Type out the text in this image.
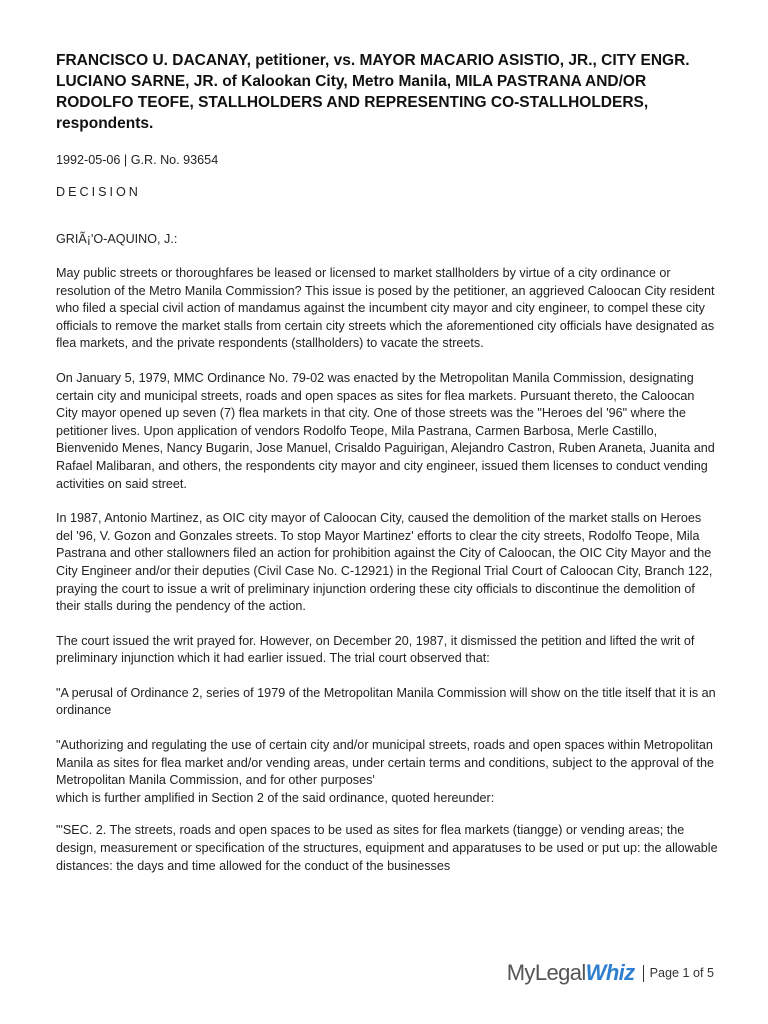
FRANCISCO U. DACANAY, petitioner, vs. MAYOR MACARIO ASISTIO, JR., CITY ENGR. LUCIANO SARNE, JR. of Kalookan City, Metro Manila, MILA PASTRANA AND/OR RODOLFO TEOFE, STALLHOLDERS AND REPRESENTING CO-STALLHOLDERS, respondents.
1992-05-06 | G.R. No. 93654
DECISION
GRIÃ¡'O-AQUINO, J.:

May public streets or thoroughfares be leased or licensed to market stallholders by virtue of a city ordinance or resolution of the Metro Manila Commission? This issue is posed by the petitioner, an aggrieved Caloocan City resident who filed a special civil action of mandamus against the incumbent city mayor and city engineer, to compel these city officials to remove the market stalls from certain city streets which the aforementioned city officials have designated as flea markets, and the private respondents (stallholders) to vacate the streets.

On January 5, 1979, MMC Ordinance No. 79-02 was enacted by the Metropolitan Manila Commission, designating certain city and municipal streets, roads and open spaces as sites for flea markets. Pursuant thereto, the Caloocan City mayor opened up seven (7) flea markets in that city. One of those streets was the "Heroes del '96" where the petitioner lives. Upon application of vendors Rodolfo Teope, Mila Pastrana, Carmen Barbosa, Merle Castillo, Bienvenido Menes, Nancy Bugarin, Jose Manuel, Crisaldo Paguirigan, Alejandro Castron, Ruben Araneta, Juanita and Rafael Malibaran, and others, the respondents city mayor and city engineer, issued them licenses to conduct vending activities on said street.

In 1987, Antonio Martinez, as OIC city mayor of Caloocan City, caused the demolition of the market stalls on Heroes del '96, V. Gozon and Gonzales streets. To stop Mayor Martinez' efforts to clear the city streets, Rodolfo Teope, Mila Pastrana and other stallowners filed an action for prohibition against the City of Caloocan, the OIC City Mayor and the City Engineer and/or their deputies (Civil Case No. C-12921) in the Regional Trial Court of Caloocan City, Branch 122, praying the court to issue a writ of preliminary injunction ordering these city officials to discontinue the demolition of their stalls during the pendency of the action.

The court issued the writ prayed for. However, on December 20, 1987, it dismissed the petition and lifted the writ of preliminary injunction which it had earlier issued. The trial court observed that:

"A perusal of Ordinance 2, series of 1979 of the Metropolitan Manila Commission will show on the title itself that it is an ordinance

"Authorizing and regulating the use of certain city and/or municipal streets, roads and open spaces within Metropolitan Manila as sites for flea market and/or vending areas, under certain terms and conditions, subject to the approval of the Metropolitan Manila Commission, and for other purposes'
which is further amplified in Section 2 of the said ordinance, quoted hereunder:

"'SEC. 2. The streets, roads and open spaces to be used as sites for flea markets (tiangge) or vending areas; the design, measurement or specification of the structures, equipment and apparatuses to be used or put up: the allowable distances: the days and time allowed for the conduct of the businesses

MyLegalWhiz Page 1 of 5
